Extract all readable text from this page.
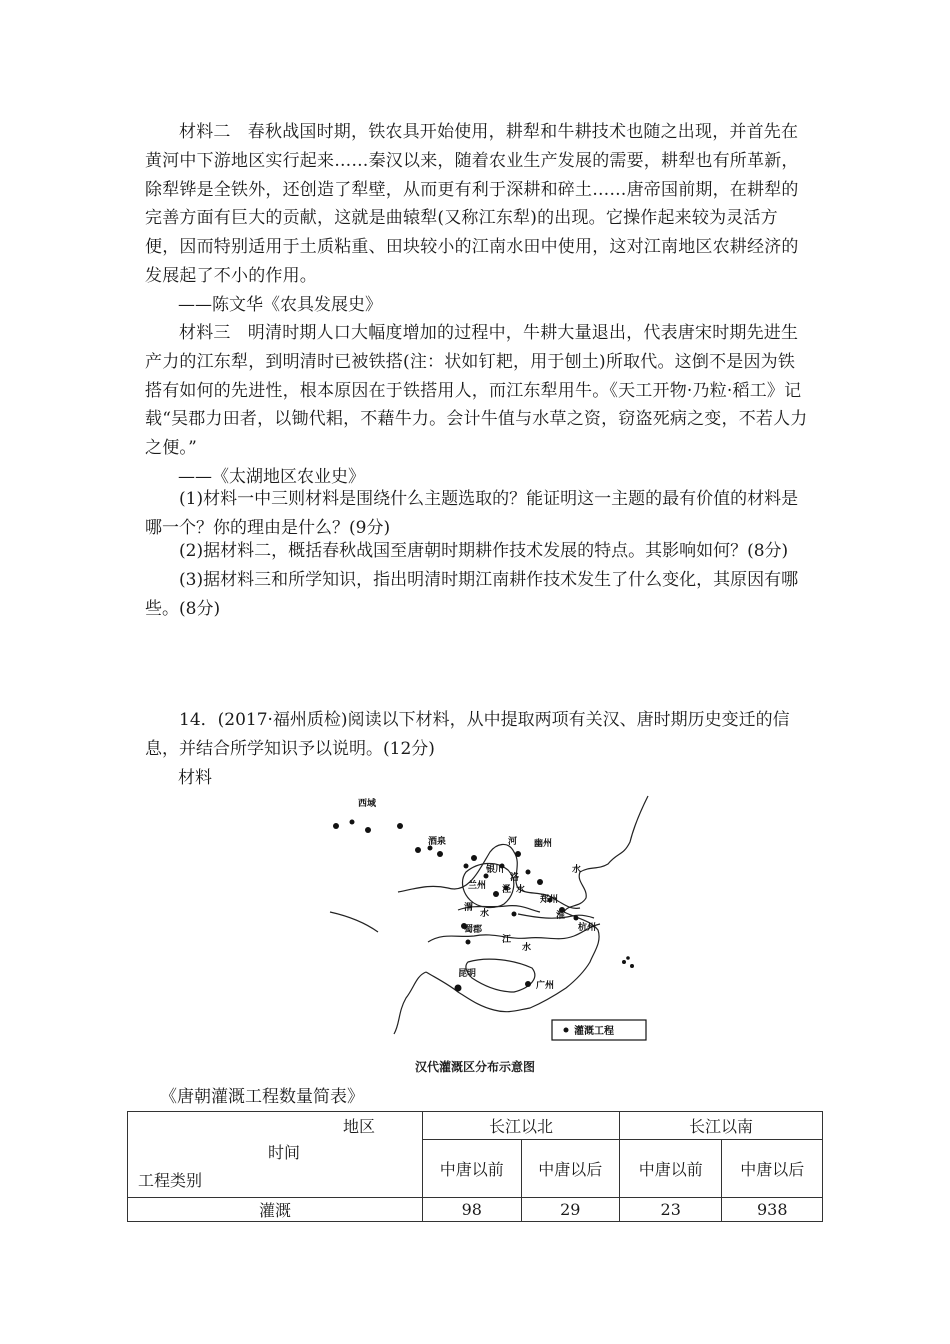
材料二　春秋战国时期，铁农具开始使用，耕犁和牛耕技术也随之出现，并首先在黄河中下游地区实行起来……秦汉以来，随着农业生产发展的需要，耕犁也有所革新，除犁铧是全铁外，还创造了犁壁，从而更有利于深耕和碎土……唐帝国前期，在耕犁的完善方面有巨大的贡献，这就是曲辕犁(又称江东犁)的出现。它操作起来较为灵活方便，因而特别适用于土质粘重、田块较小的江南水田中使用，这对江南地区农耕经济的发展起了不小的作用。
——陈文华《农具发展史》
材料三　明清时期人口大幅度增加的过程中，牛耕大量退出，代表唐宋时期先进生产力的江东犁，到明清时已被铁搭(注：状如钉耙，用于刨土)所取代。这倒不是因为铁搭有如何的先进性，根本原因在于铁搭用人，而江东犁用牛。《天工开物·乃粒·稻工》记载“吴郡力田者，以锄代耜，不藉牛力。会计牛值与水草之资，窃盗死病之变，不若人力之便。”
——《太湖地区农业史》
(1)材料一中三则材料是围绕什么主题选取的？能证明这一主题的最有价值的材料是哪一个？你的理由是什么？(9分)
(2)据材料二，概括春秋战国至唐朝时期耕作技术发展的特点。其影响如何？(8分)
(3)据材料三和所学知识，指出明清时期江南耕作技术发生了什么变化，其原因有哪些。(8分)
14．(2017·福州质检)阅读以下材料，从中提取两项有关汉、唐时期历史变迁的信息，并结合所学知识予以说明。(12分)
材料
西域
酒泉	河 幽州
银川
洛
水
兰州 泾
水
郑州
渭
水	淮
蜀郡	杭州
江
水
昆明
广州
灌溉工程
汉代灌溉区分布示意图
《唐朝灌溉工程数量简表》
地区
时间
工程类别	长江以北		长江以南	
	中唐以前	中唐以后	中唐以前	中唐以后
灌溉	98	29	23	938
